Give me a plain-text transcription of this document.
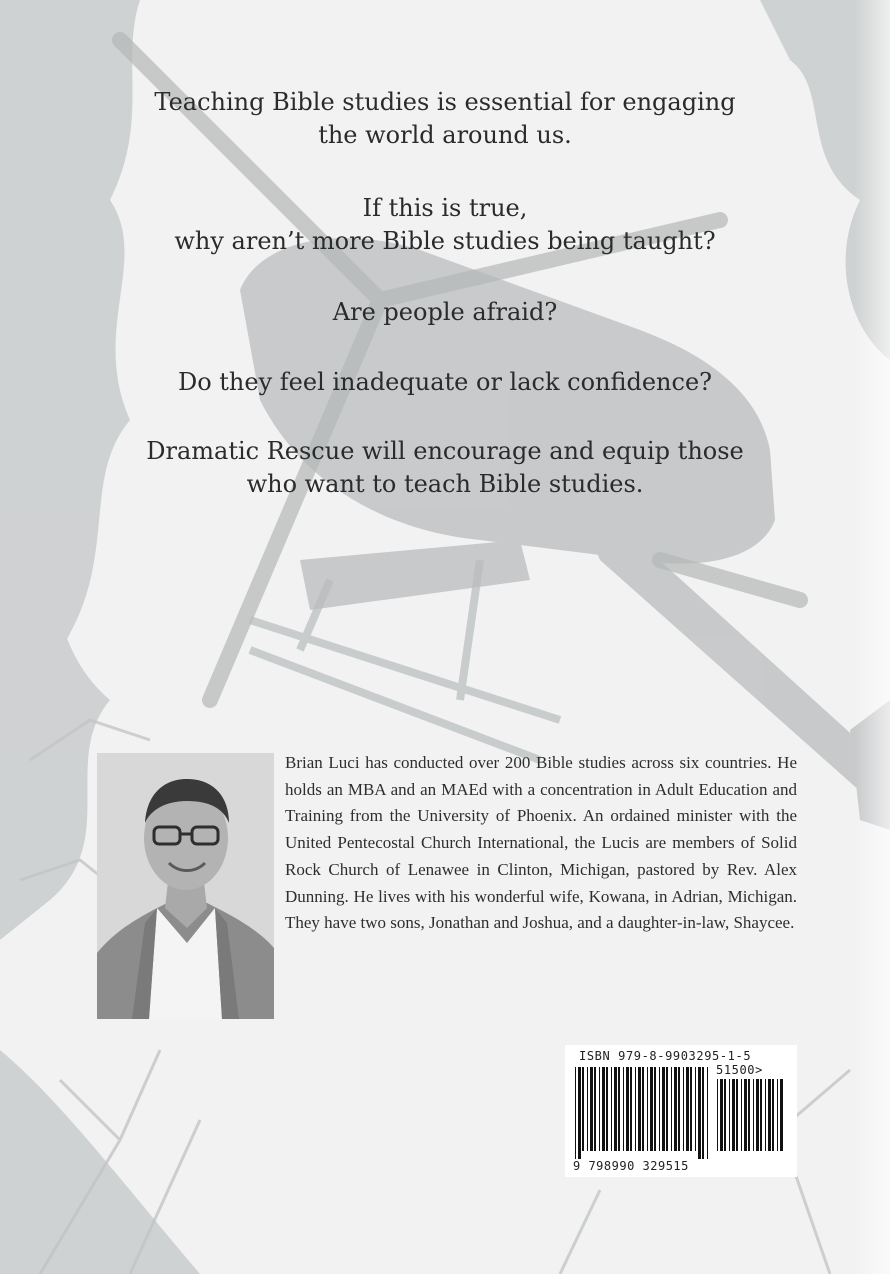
Teaching Bible studies is essential for engaging
the world around us.

If this is true,
why aren’t more Bible studies being taught?

Are people afraid?

Do they feel inadequate or lack confidence?

Dramatic Rescue will encourage and equip those
who want to teach Bible studies.

Brian Luci has conducted over 200 Bible studies across six countries. He holds an MBA and an MAEd with a concentration in Adult Education and Training from the University of Phoenix. An ordained minister with the United Pentecostal Church International, the Lucis are members of Solid Rock Church of Lenawee in Clinton, Michigan, pastored by Rev. Alex Dunning. He lives with his wonderful wife, Kowana, in Adrian, Michigan. They have two sons, Jonathan and Joshua, and a daughter-in-law, Shaycee.

ISBN 979-8-9903295-1-5
51500>
9 798990 329515
